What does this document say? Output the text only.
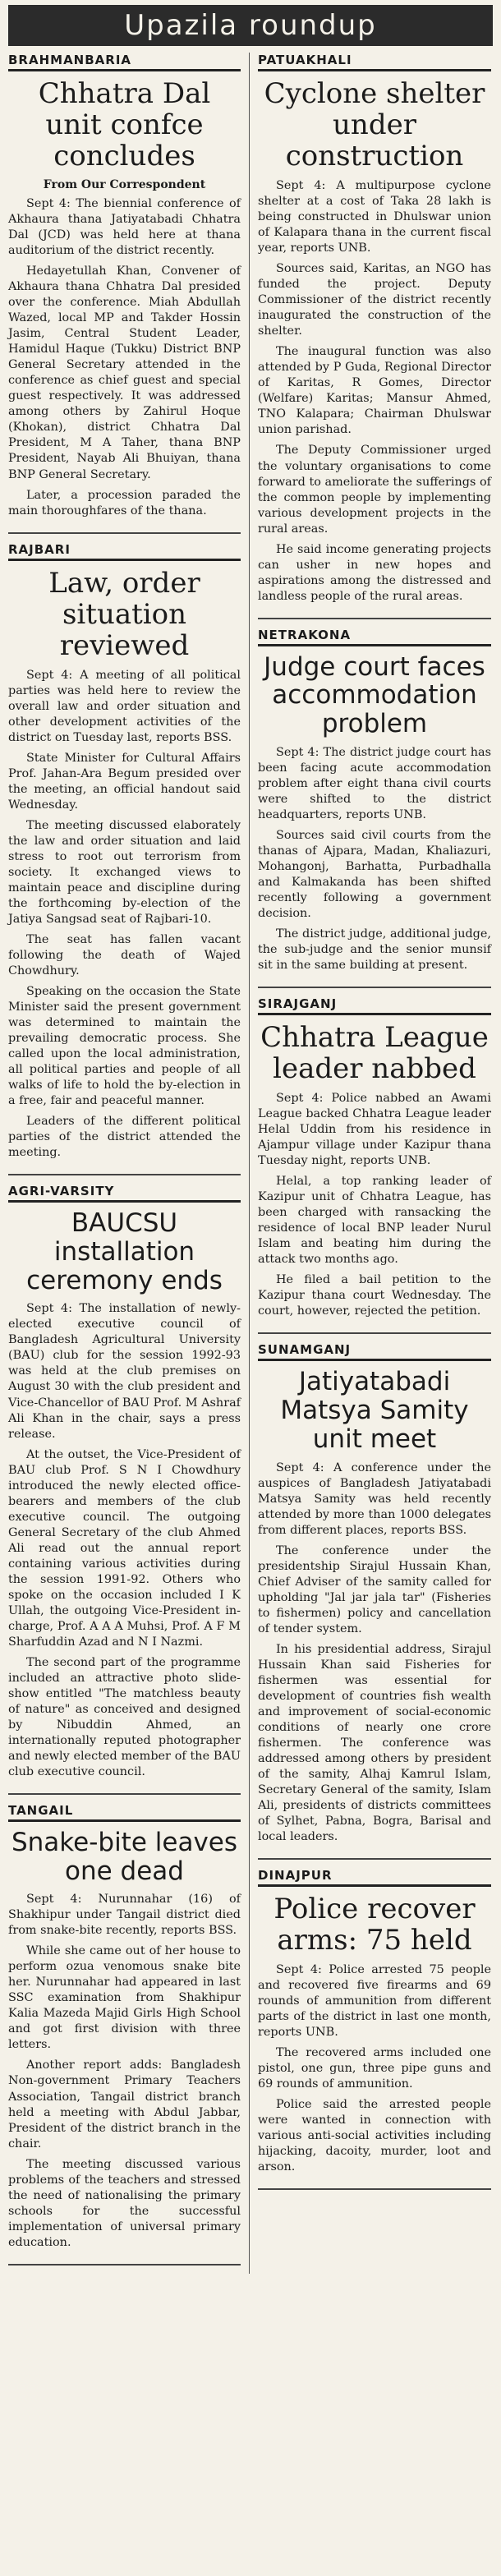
Upazila roundup
BRAHMANBARIA
Chhatra Dal unit confce concludes
From Our Correspondent

Sept 4: The biennial conference of Akhaura thana Jatiyatabadi Chhatra Dal (JCD) was held here at thana auditorium of the district recently.

Hedayetullah Khan, Convener of Akhaura thana Chhatra Dal presided over the conference. Miah Abdullah Wazed, local MP and Takder Hossin Jasim, Central Student Leader, Hamidul Haque (Tukku) District BNP General Secretary attended in the conference as chief guest and special guest respectively. It was addressed among others by Zahirul Hoque (Khokan), district Chhatra Dal President, M A Taher, thana BNP President, Nayab Ali Bhuiyan, thana BNP General Secretary.

Later, a procession paraded the main thoroughfares of the thana.

RAJBARI
Law, order situation reviewed

Sept 4: A meeting of all political parties was held here to review the overall law and order situation and other development activities of the district on Tuesday last, reports BSS.

State Minister for Cultural Affairs Prof. Jahan-Ara Begum presided over the meeting, an official handout said Wednesday.

The meeting discussed elaborately the law and order situation and laid stress to root out terrorism from society. It exchanged views to maintain peace and discipline during the forthcoming by-election of the Jatiya Sangsad seat of Rajbari-10.

The seat has fallen vacant following the death of Wajed Chowdhury.

Speaking on the occasion the State Minister said the present government was determined to maintain the prevailing democratic process. She called upon the local administration, all political parties and people of all walks of life to hold the by-election in a free, fair and peaceful manner.

Leaders of the different political parties of the district attended the meeting.

AGRI-VARSITY
BAUCSU installation ceremony ends

Sept 4: The installation of newly-elected executive council of Bangladesh Agricultural University (BAU) club for the session 1992-93 was held at the club premises on August 30 with the club president and Vice-Chancellor of BAU Prof. M Ashraf Ali Khan in the chair, says a press release.

At the outset, the Vice-President of BAU club Prof. S N I Chowdhury introduced the newly elected office-bearers and members of the club executive council. The outgoing General Secretary of the club Ahmed Ali read out the annual report containing various activities during the session 1991-92. Others who spoke on the occasion included I K Ullah, the outgoing Vice-President in-charge, Prof. A A A Muhsi, Prof. A F M Sharfuddin Azad and N I Nazmi.

The second part of the programme included an attractive photo slide-show entitled "The matchless beauty of nature" as conceived and designed by Nibuddin Ahmed, an internationally reputed photographer and newly elected member of the BAU club executive council.

TANGAIL
Snake-bite leaves one dead

Sept 4: Nurunnahar (16) of Shakhipur under Tangail district died from snake-bite recently, reports BSS.

While she came out of her house to perform ozua venomous snake bite her. Nurunnahar had appeared in last SSC examination from Shakhipur Kalia Mazeda Majid Girls High School and got first division with three letters.

Another report adds: Bangladesh Non-government Primary Teachers Association, Tangail district branch held a meeting with Abdul Jabbar, President of the district branch in the chair.

The meeting discussed various problems of the teachers and stressed the need of nationalising the primary schools for the successful implementation of universal primary education.

PATUAKHALI
Cyclone shelter under construction

Sept 4: A multipurpose cyclone shelter at a cost of Taka 28 lakh is being constructed in Dhulswar union of Kalapara thana in the current fiscal year, reports UNB.

Sources said, Karitas, an NGO has funded the project. Deputy Commissioner of the district recently inaugurated the construction of the shelter.

The inaugural function was also attended by P Guda, Regional Director of Karitas, R Gomes, Director (Welfare) Karitas; Mansur Ahmed, TNO Kalapara; Chairman Dhulswar union parishad.

The Deputy Commissioner urged the voluntary organisations to come forward to ameliorate the sufferings of the common people by implementing various development projects in the rural areas.

He said income generating projects can usher in new hopes and aspirations among the distressed and landless people of the rural areas.

NETRAKONA
Judge court faces accommodation problem

Sept 4: The district judge court has been facing acute accommodation problem after eight thana civil courts were shifted to the district headquarters, reports UNB.

Sources said civil courts from the thanas of Ajpara, Madan, Khaliazuri, Mohangonj, Barhatta, Purbadhalla and Kalmakanda has been shifted recently following a government decision.

The district judge, additional judge, the sub-judge and the senior munsif sit in the same building at present.

SIRAJGANJ
Chhatra League leader nabbed

Sept 4: Police nabbed an Awami League backed Chhatra League leader Helal Uddin from his residence in Ajampur village under Kazipur thana Tuesday night, reports UNB.

Helal, a top ranking leader of Kazipur unit of Chhatra League, has been charged with ransacking the residence of local BNP leader Nurul Islam and beating him during the attack two months ago.

He filed a bail petition to the Kazipur thana court Wednesday. The court, however, rejected the petition.

SUNAMGANJ
Jatiyatabadi Matsya Samity unit meet

Sept 4: A conference under the auspices of Bangladesh Jatiyatabadi Matsya Samity was held recently attended by more than 1000 delegates from different places, reports BSS.

The conference under the presidentship Sirajul Hussain Khan, Chief Adviser of the samity called for upholding "Jal jar jala tar" (Fisheries to fishermen) policy and cancellation of tender system.

In his presidential address, Sirajul Hussain Khan said Fisheries for fishermen was essential for development of countries fish wealth and improvement of social-economic conditions of nearly one crore fishermen. The conference was addressed among others by president of the samity, Alhaj Kamrul Islam, Secretary General of the samity, Islam Ali, presidents of districts committees of Sylhet, Pabna, Bogra, Barisal and local leaders.

DINAJPUR
Police recover arms: 75 held

Sept 4: Police arrested 75 people and recovered five firearms and 69 rounds of ammunition from different parts of the district in last one month, reports UNB.

The recovered arms included one pistol, one gun, three pipe guns and 69 rounds of ammunition.

Police said the arrested people were wanted in connection with various anti-social activities including hijacking, dacoity, murder, loot and arson.
